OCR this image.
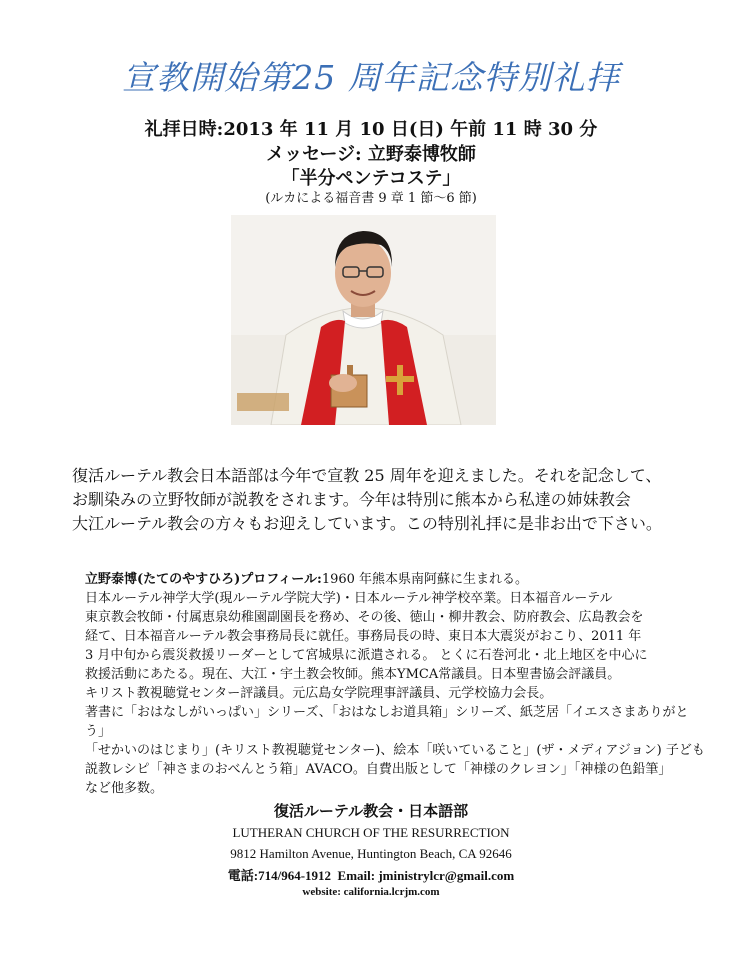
宣教開始第25 周年記念特別礼拝
礼拝日時:2013 年 11 月 10 日(日) 午前 11 時 30 分
メッセージ: 立野泰博牧師
「半分ペンテコステ」
(ルカによる福音書 9 章 1 節〜6 節)
復活ルーテル教会日本語部は今年で宣教 25 周年を迎えました。それを記念して、
お馴染みの立野牧師が説教をされます。今年は特別に熊本から私達の姉妹教会
大江ルーテル教会の方々もお迎えしています。この特別礼拝に是非お出で下さい。
立野泰博(たてのやすひろ)プロフィール:1960 年熊本県南阿蘇に生まれる。
日本ルーテル神学大学(現ルーテル学院大学)・日本ルーテル神学校卒業。日本福音ルーテル
東京教会牧師・付属恵泉幼稚園副園長を務め、その後、徳山・柳井教会、防府教会、広島教会を
経て、日本福音ルーテル教会事務局長に就任。事務局長の時、東日本大震災がおこり、2011 年
3 月中旬から震災救援リーダーとして宮城県に派遣される。 とくに石巻河北・北上地区を中心に
救援活動にあたる。現在、大江・宇土教会牧師。熊本YMCA常議員。日本聖書協会評議員。
キリスト教視聴覚センター評議員。元広島女学院理事評議員、元学校協力会長。
著書に「おはなしがいっぱい」シリーズ、「おはなしお道具箱」シリーズ、紙芝居「イエスさまありがとう」
「せかいのはじまり」(キリスト教視聴覚センター)、絵本「咲いていること」(ザ・メディアジョン) 子ども
説教レシピ「神さまのおべんとう箱」AVACO。自費出版として「神様のクレヨン」「神様の色鉛筆」
など他多数。
復活ルーテル教会・日本語部
LUTHERAN CHURCH OF THE RESURRECTION
9812 Hamilton Avenue, Huntington Beach, CA 92646
電話:714/964-1912 Email: jministrylcr@gmail.com
website: california.lcrjm.com
